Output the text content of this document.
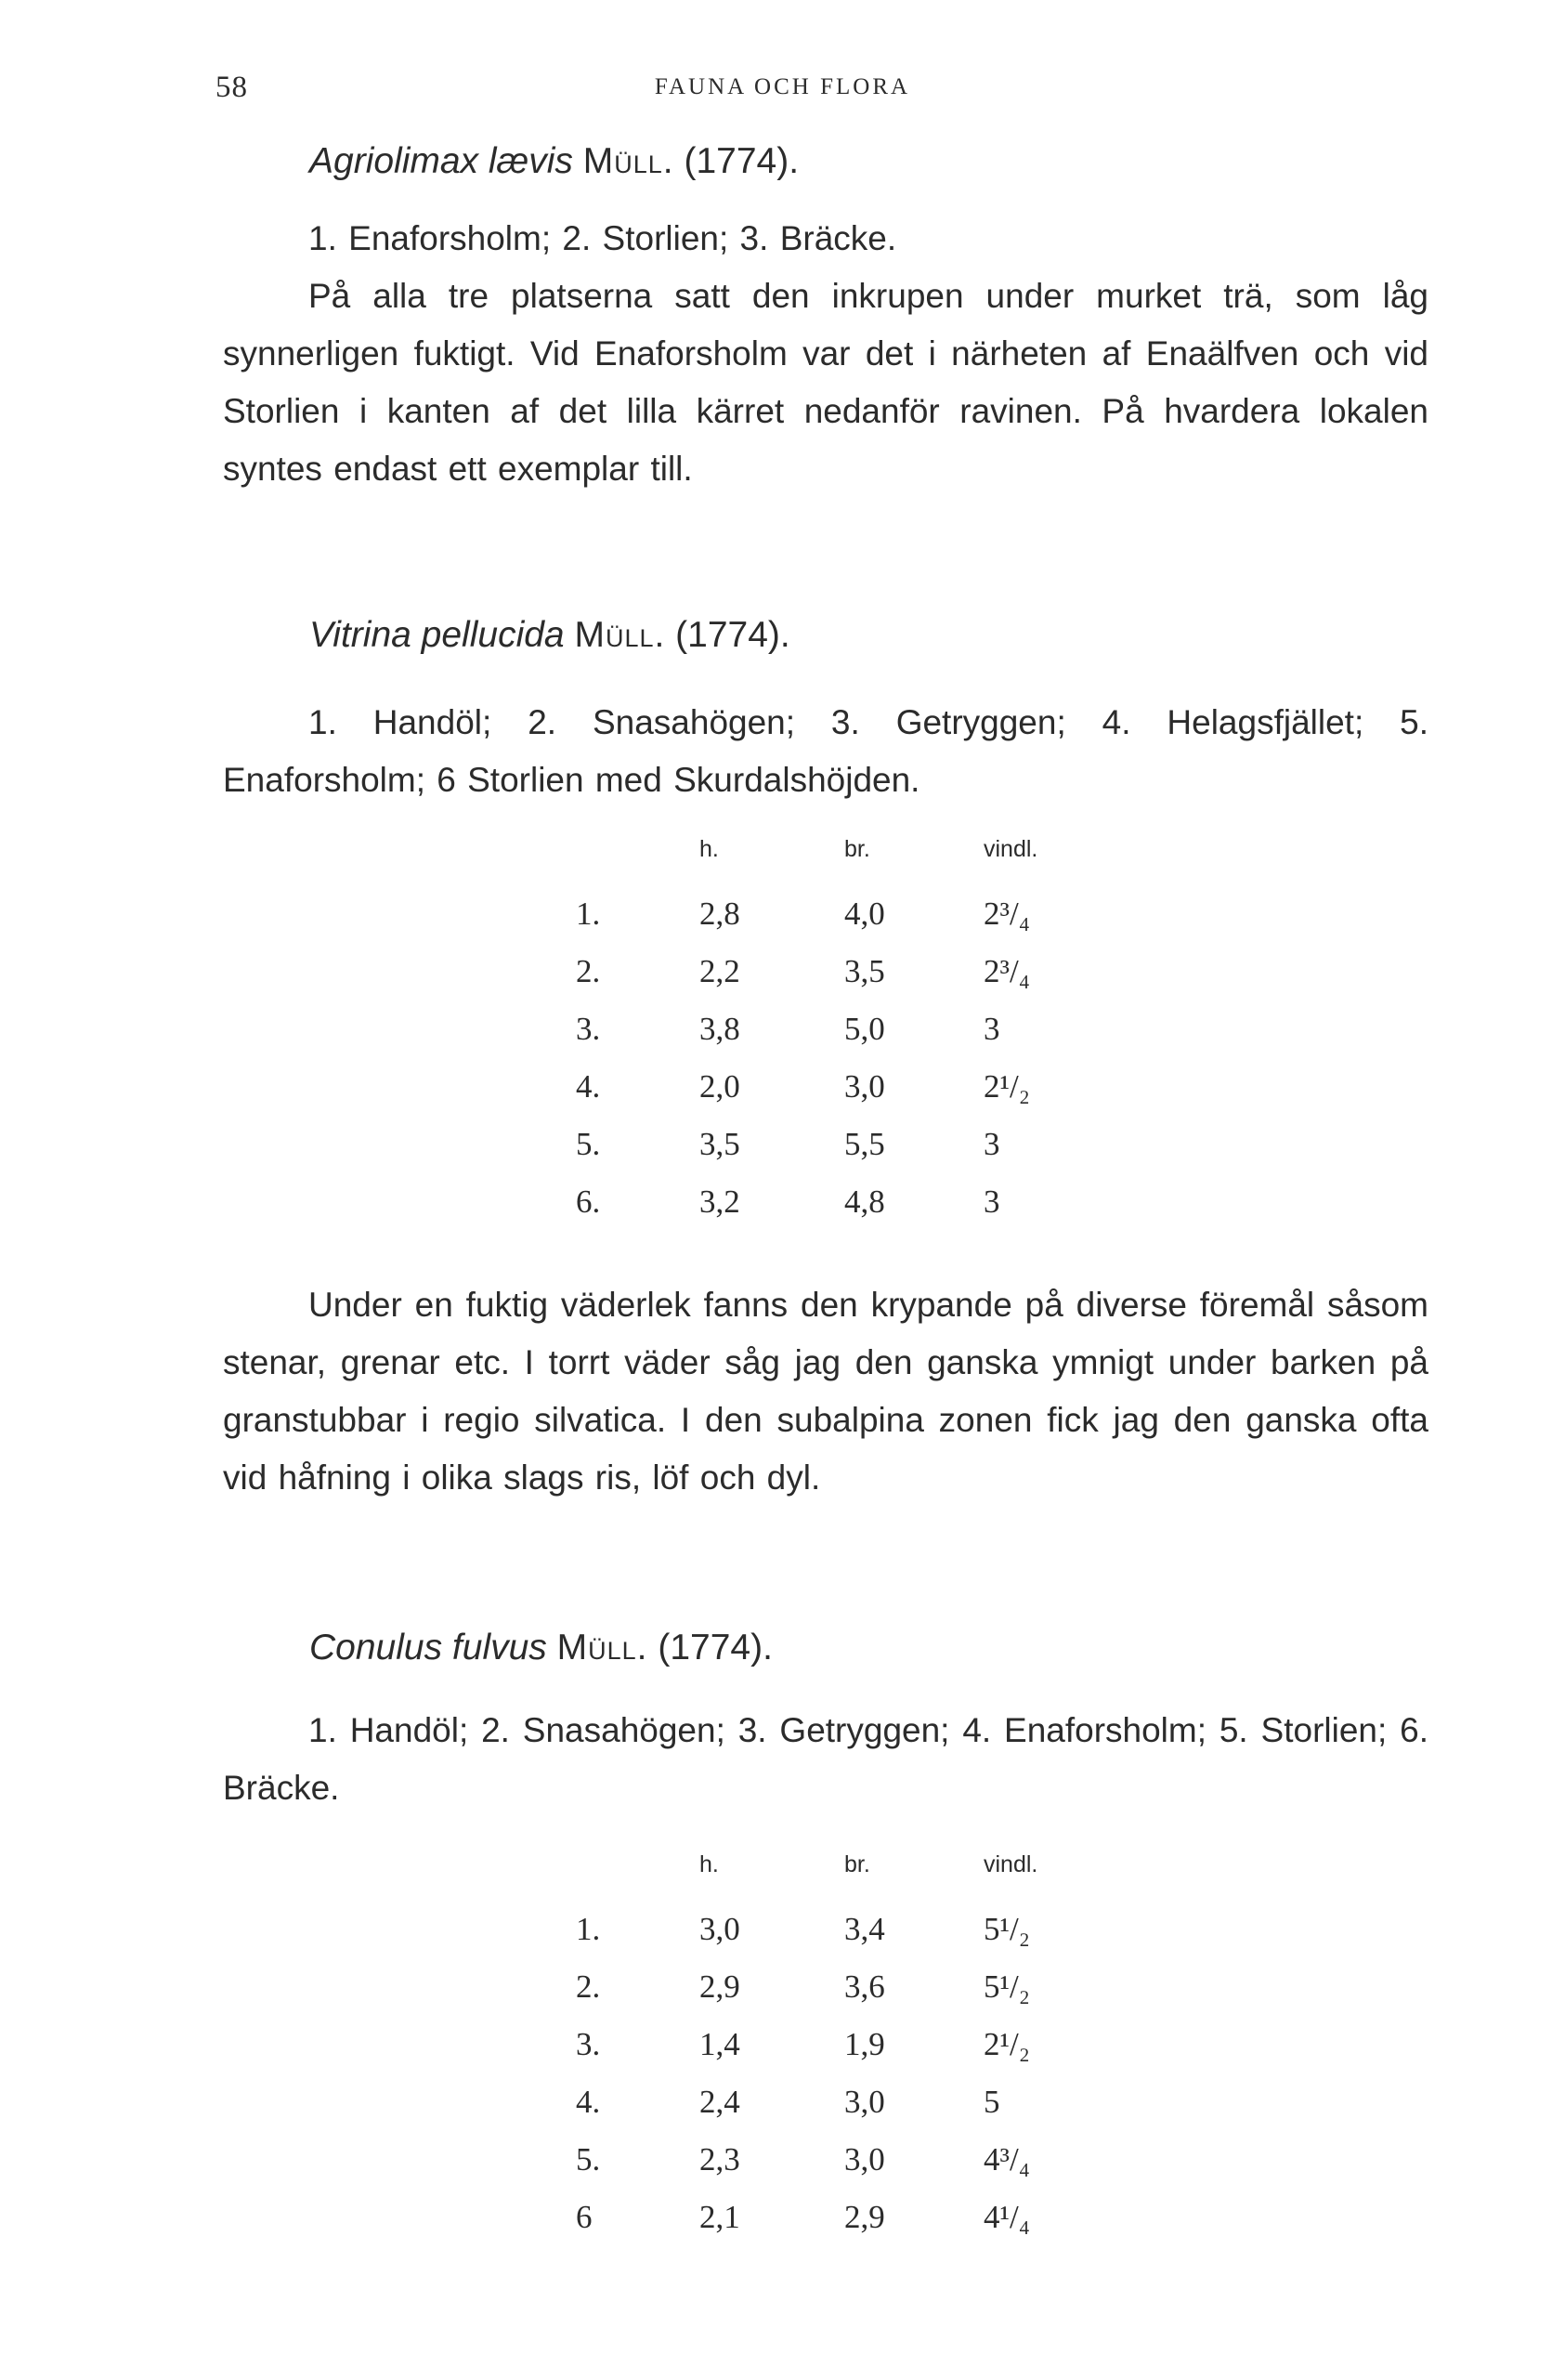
58	FAUNA OCH FLORA
Agriolimax lævis Müll. (1774).

1. Enaforsholm; 2. Storlien; 3. Bräcke.

På alla tre platserna satt den inkrupen under murket trä, som låg synnerligen fuktigt. Vid Enaforsholm var det i närheten af Enaälfven och vid Storlien i kanten af det lilla kärret nedanför ravinen. På hvardera lokalen syntes endast ett exemplar till.

Vitrina pellucida Müll. (1774).

1. Handöl; 2. Snasahögen; 3. Getryggen; 4. Helagsfjället; 5. Enaforsholm; 6 Storlien med Skurdalshöjden.

	h.	br.	vindl.
1.	2,8	4,0	2³/₄
2.	2,2	3,5	2³/₄
3.	3,8	5,0	3
4.	2,0	3,0	2¹/₂
5.	3,5	5,5	3
6.	3,2	4,8	3

Under en fuktig väderlek fanns den krypande på diverse föremål såsom stenar, grenar etc. I torrt väder såg jag den ganska ymnigt under barken på granstubbar i regio silvatica. I den subalpina zonen fick jag den ganska ofta vid håfning i olika slags ris, löf och dyl.

Conulus fulvus Müll. (1774).

1. Handöl; 2. Snasahögen; 3. Getryggen; 4. Enaforsholm; 5. Storlien; 6. Bräcke.

	h.	br.	vindl.
1.	3,0	3,4	5¹/₂
2.	2,9	3,6	5¹/₂
3.	1,4	1,9	2¹/₂
4.	2,4	3,0	5
5.	2,3	3,0	4³/₄
6	2,1	2,9	4¹/₄
